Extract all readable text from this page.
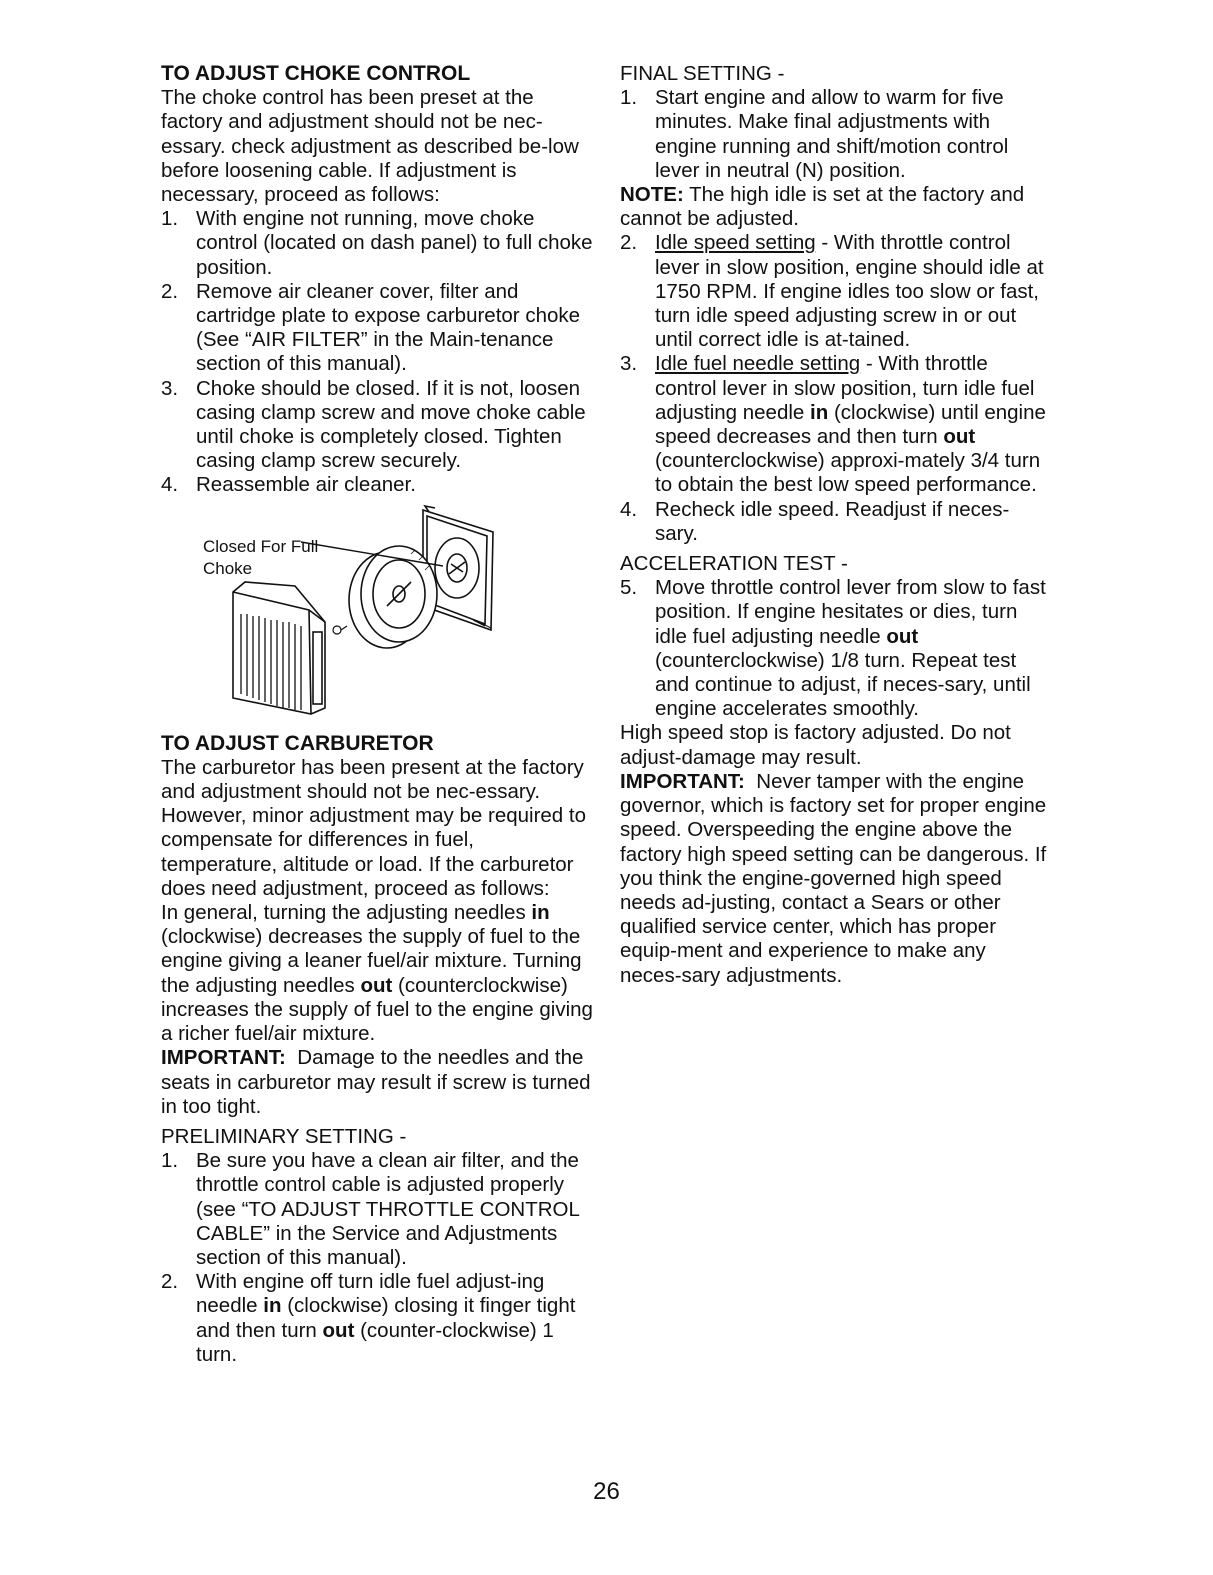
TO ADJUST CHOKE CONTROL

The choke control has been preset at the factory and adjustment should not be nec-essary. check adjustment as described be-low before loosening cable. If adjustment is necessary, proceed as follows:

1. With engine not running, move choke control (located on dash panel) to full choke position.
2. Remove air cleaner cover, filter and cartridge plate to expose carburetor choke (See “AIR FILTER” in the Main-tenance section of this manual).
3. Choke should be closed. If it is not, loosen casing clamp screw and move choke cable until choke is completely closed. Tighten casing clamp screw securely.
4. Reassemble air cleaner.
Closed For Full
Choke
TO ADJUST CARBURETOR

The carburetor has been present at the factory and adjustment should not be nec-essary. However, minor adjustment may be required to compensate for differences in fuel, temperature, altitude or load. If the carburetor does need adjustment, proceed as follows:

In general, turning the adjusting needles in (clockwise) decreases the supply of fuel to the engine giving a leaner fuel/air mixture. Turning the adjusting needles out (counterclockwise) increases the supply of fuel to the engine giving a richer fuel/air mixture.

IMPORTANT: Damage to the needles and the seats in carburetor may result if screw is turned in too tight.

PRELIMINARY SETTING -

1. Be sure you have a clean air filter, and the throttle control cable is adjusted properly (see “TO ADJUST THROTTLE CONTROL CABLE” in the Service and Adjustments section of this manual).
2. With engine off turn idle fuel adjust-ing needle in (clockwise) closing it finger tight and then turn out (counter-clockwise) 1 turn.

FINAL SETTING -

1. Start engine and allow to warm for five minutes. Make final adjustments with engine running and shift/motion control lever in neutral (N) position.

NOTE: The high idle is set at the factory and cannot be adjusted.

2. Idle speed setting - With throttle control lever in slow position, engine should idle at 1750 RPM. If engine idles too slow or fast, turn idle speed adjusting screw in or out until correct idle is at-tained.
3. Idle fuel needle setting - With throttle control lever in slow position, turn idle fuel adjusting needle in (clockwise) until engine speed decreases and then turn out (counterclockwise) approxi-mately 3/4 turn to obtain the best low speed performance.
4. Recheck idle speed. Readjust if neces-sary.

ACCELERATION TEST -

5. Move throttle control lever from slow to fast position. If engine hesitates or dies, turn idle fuel adjusting needle out (counterclockwise) 1/8 turn. Repeat test and continue to adjust, if neces-sary, until engine accelerates smoothly.

High speed stop is factory adjusted. Do not adjust-damage may result.

IMPORTANT: Never tamper with the engine governor, which is factory set for proper engine speed. Overspeeding the engine above the factory high speed setting can be dangerous. If you think the engine-governed high speed needs ad-justing, contact a Sears or other qualified service center, which has proper equip-ment and experience to make any neces-sary adjustments.

26
